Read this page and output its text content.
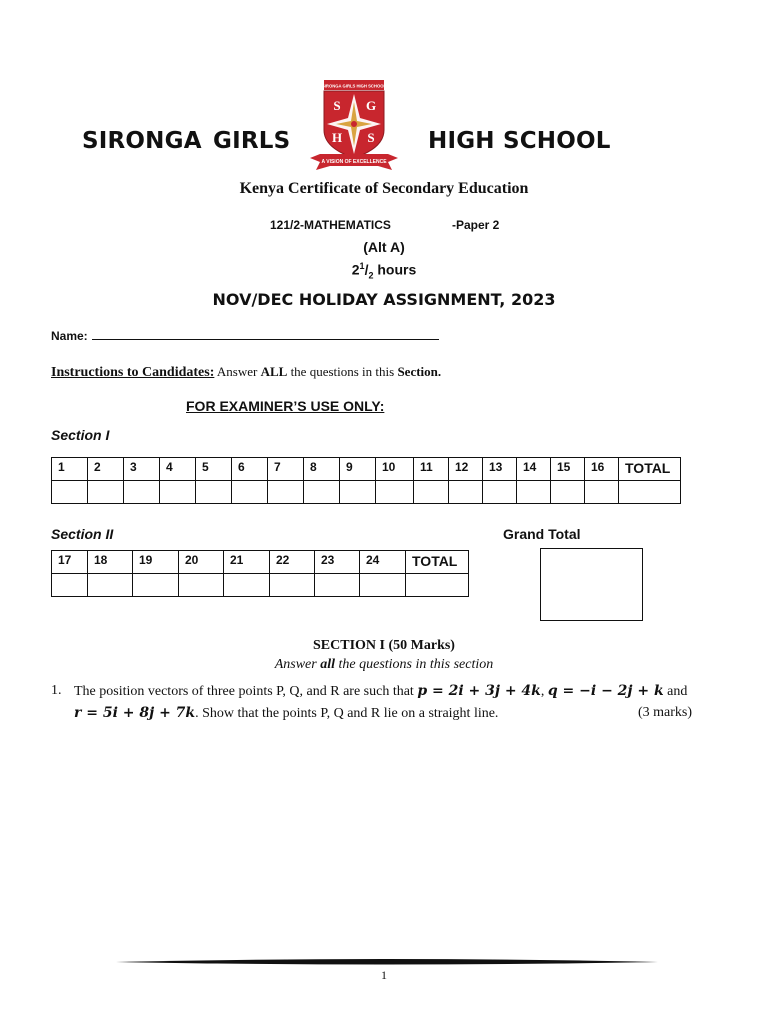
SIRONGA GIRLS	HIGH SCHOOL
SIRONGA GIRLS HIGH SCHOOL
S G
H S
A VISION OF EXCELLENCE
Kenya Certificate of Secondary Education
121/2-MATHEMATICS	-Paper 2
(Alt A)
$2^1/_2$ hours
NOV/DEC HOLIDAY ASSIGNMENT, 2023
Name:
Instructions to Candidates: Answer ALL the questions in this Section.
FOR EXAMINER’S USE ONLY:
Section I
1	2	3	4	5	6	7	8	9	10	11	12	13	14	15	16	TOTAL

Section II
17	18	19	20	21	22	23	24	TOTAL

Grand Total
SECTION I (50 Marks)
Answer all the questions in this section
1. The position vectors of three points P, Q, and R are such that p = 2i + 3j + 4k, q = −i − 2j + k and
r = 5i + 8j + 7k. Show that the points P, Q and R lie on a straight line.	(3 marks)
1
